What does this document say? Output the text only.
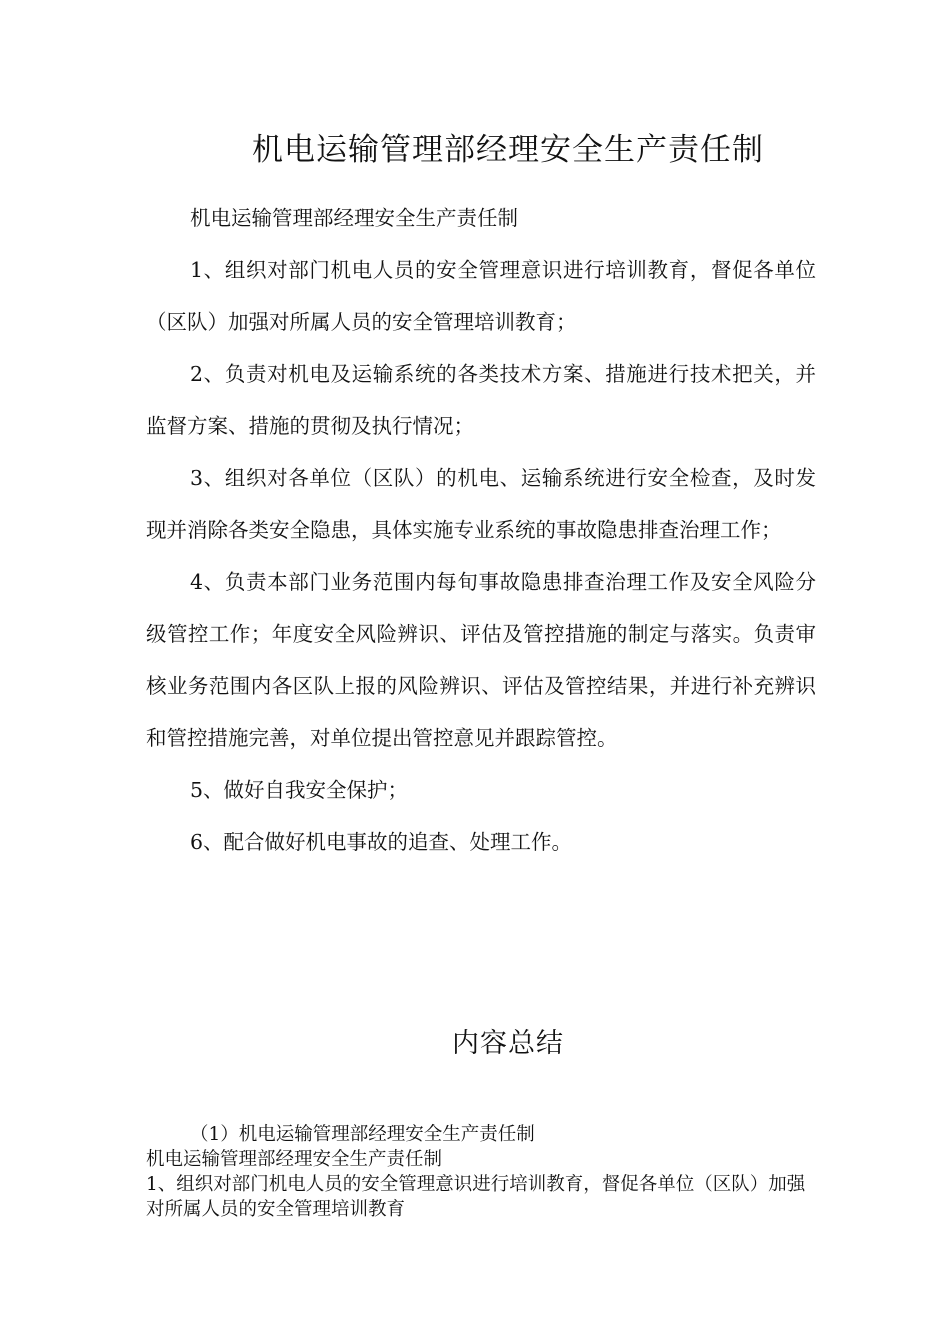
机电运输管理部经理安全生产责任制

机电运输管理部经理安全生产责任制

1、组织对部门机电人员的安全管理意识进行培训教育，督促各单位（区队）加强对所属人员的安全管理培训教育；

2、负责对机电及运输系统的各类技术方案、措施进行技术把关，并监督方案、措施的贯彻及执行情况；

3、组织对各单位（区队）的机电、运输系统进行安全检查，及时发现并消除各类安全隐患，具体实施专业系统的事故隐患排查治理工作；

4、负责本部门业务范围内每旬事故隐患排查治理工作及安全风险分级管控工作；年度安全风险辨识、评估及管控措施的制定与落实。负责审核业务范围内各区队上报的风险辨识、评估及管控结果，并进行补充辨识和管控措施完善，对单位提出管控意见并跟踪管控。

5、做好自我安全保护；

6、配合做好机电事故的追查、处理工作。

内容总结

（1）机电运输管理部经理安全生产责任制

机电运输管理部经理安全生产责任制

1、组织对部门机电人员的安全管理意识进行培训教育，督促各单位（区队）加强对所属人员的安全管理培训教育
